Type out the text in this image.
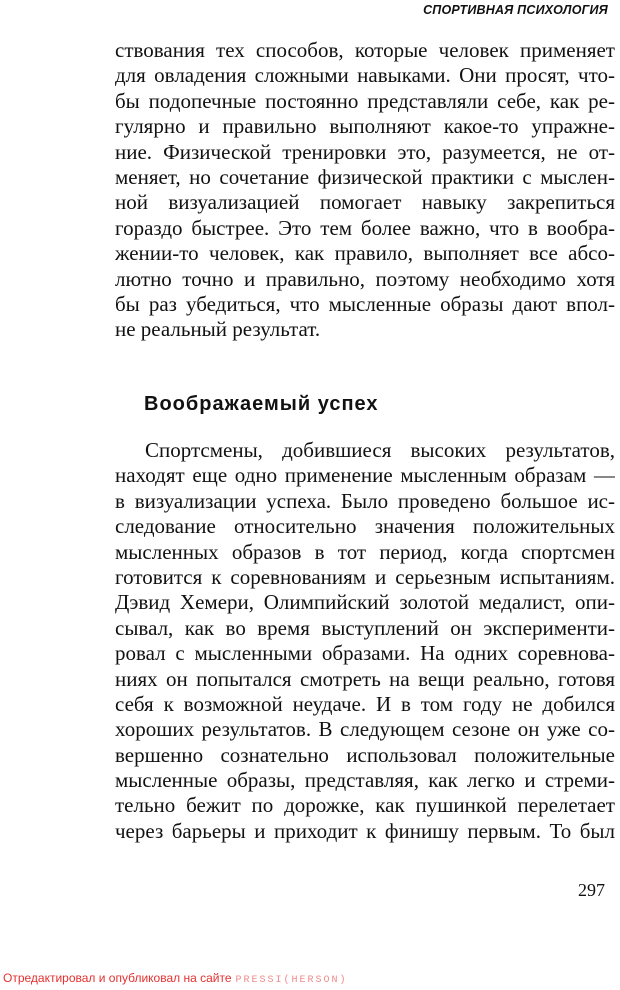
СПОРТИВНАЯ ПСИХОЛОГИЯ
ствования тех способов, которые человек применяет
для овладения сложными навыками. Они просят, что-
бы подопечные постоянно представляли себе, как ре-
гулярно и правильно выполняют какое-то упражне-
ние. Физической тренировки это, разумеется, не от-
меняет, но сочетание физической практики с мыслен-
ной визуализацией помогает навыку закрепиться
гораздо быстрее. Это тем более важно, что в вообра-
жении-то человек, как правило, выполняет все абсо-
лютно точно и правильно, поэтому необходимо хотя
бы раз убедиться, что мысленные образы дают впол-
не реальный результат.
Воображаемый успех
Спортсмены, добившиеся высоких результатов,
находят еще одно применение мысленным образам —
в визуализации успеха. Было проведено большое ис-
следование относительно значения положительных
мысленных образов в тот период, когда спортсмен
готовится к соревнованиям и серьезным испытаниям.
Дэвид Хемери, Олимпийский золотой медалист, опи-
сывал, как во время выступлений он эксперименти-
ровал с мысленными образами. На одних соревнова-
ниях он попытался смотреть на вещи реально, готовя
себя к возможной неудаче. И в том году не добился
хороших результатов. В следующем сезоне он уже со-
вершенно сознательно использовал положительные
мысленные образы, представляя, как легко и стреми-
тельно бежит по дорожке, как пушинкой перелетает
через барьеры и приходит к финишу первым. То был
297
Отредактировал и опубликовал на сайте PRESSI(HERSON)
